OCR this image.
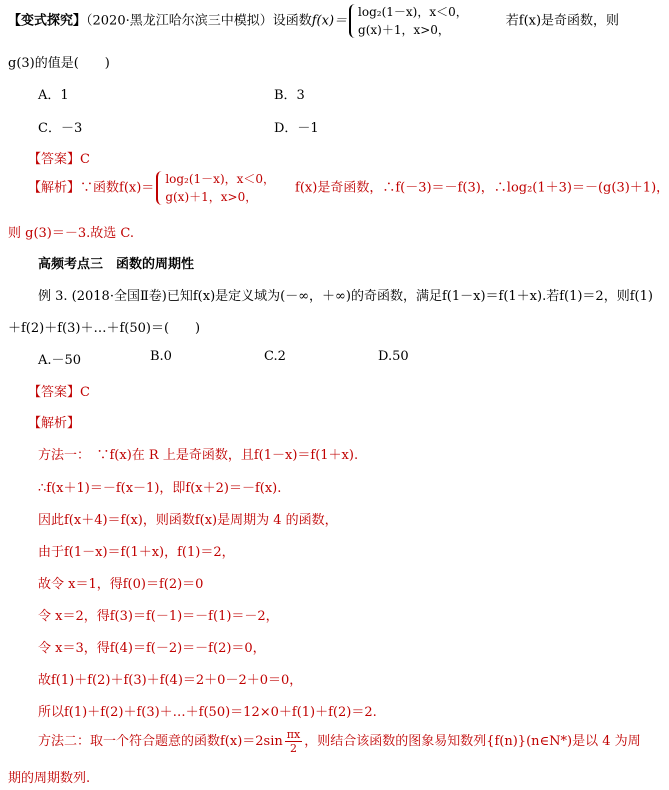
【变式探究】（2020·黑龙江哈尔滨三中模拟）设函数f(x)＝
log₂(1－x)，x＜0，
g(x)＋1，x>0，
若f(x)是奇函数，则
g(3)的值是(　　)
A．1	B．3
C．－3	D．－1
【答案】C
【解析】∵函数f(x)＝
log₂(1－x)，x＜0，
g(x)＋1，x>0，
f(x)是奇函数，∴f(－3)＝－f(3)，∴log₂(1＋3)＝－(g(3)＋1)，
则 g(3)＝－3.故选 C.
高频考点三　函数的周期性
例 3. (2018·全国Ⅱ卷)已知f(x)是定义域为(－∞，＋∞)的奇函数，满足f(1－x)＝f(1＋x).若f(1)＝2，则f(1)
＋f(2)＋f(3)＋…＋f(50)＝(　　)
A.－50	B.0	C.2	D.50
【答案】C
【解析】
方法一：　∵f(x)在 R 上是奇函数，且f(1－x)＝f(1＋x).
∴f(x＋1)＝－f(x－1)，即f(x＋2)＝－f(x).
因此f(x＋4)＝f(x)，则函数f(x)是周期为 4 的函数，
由于f(1－x)＝f(1＋x)，f(1)＝2，
故令 x＝1，得f(0)＝f(2)＝0
令 x＝2，得f(3)＝f(－1)＝－f(1)＝－2，
令 x＝3，得f(4)＝f(－2)＝－f(2)＝0，
故f(1)＋f(2)＋f(3)＋f(4)＝2＋0－2＋0＝0，
所以f(1)＋f(2)＋f(3)＋…＋f(50)＝12×0＋f(1)＋f(2)＝2.
方法二：取一个符合题意的函数$f(x)=2\sin \frac{\pi x}{2}$ ，则结合该函数的图象易知数列{f(n)}(n∈N*)是以 4 为周
期的周期数列.
